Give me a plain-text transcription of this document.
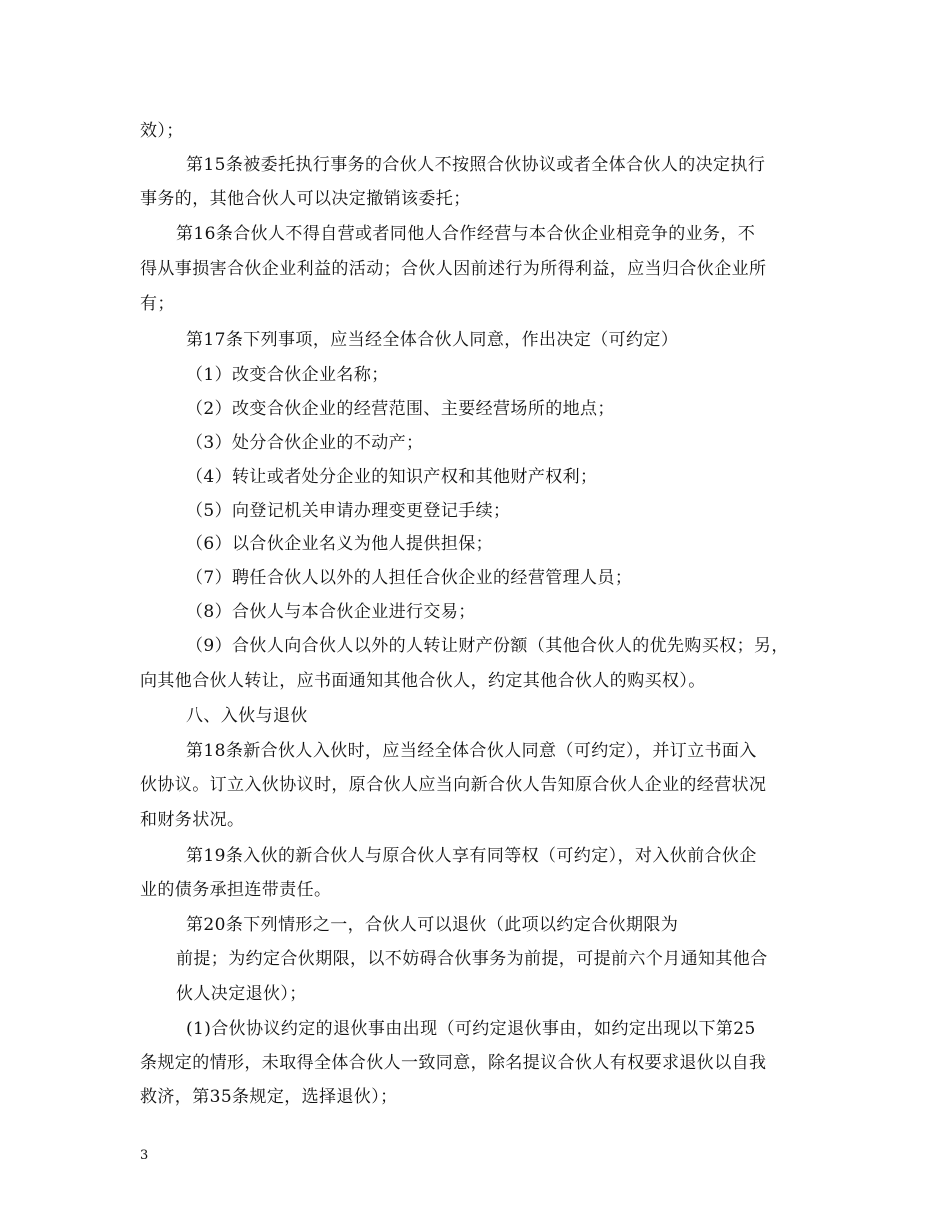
效）；
第15条被委托执行事务的合伙人不按照合伙协议或者全体合伙人的决定执行
事务的，其他合伙人可以决定撤销该委托；
第16条合伙人不得自营或者同他人合作经营与本合伙企业相竞争的业务，不
得从事损害合伙企业利益的活动；合伙人因前述行为所得利益，应当归合伙企业所
有；
第17条下列事项，应当经全体合伙人同意，作出决定（可约定）
（1）改变合伙企业名称；
（2）改变合伙企业的经营范围、主要经营场所的地点；
（3）处分合伙企业的不动产；
（4）转让或者处分企业的知识产权和其他财产权利；
（5）向登记机关申请办理变更登记手续；
（6）以合伙企业名义为他人提供担保；
（7）聘任合伙人以外的人担任合伙企业的经营管理人员；
（8）合伙人与本合伙企业进行交易；
（9）合伙人向合伙人以外的人转让财产份额（其他合伙人的优先购买权；另，
向其他合伙人转让，应书面通知其他合伙人，约定其他合伙人的购买权）。
八、入伙与退伙
第18条新合伙人入伙时，应当经全体合伙人同意（可约定），并订立书面入
伙协议。订立入伙协议时，原合伙人应当向新合伙人告知原合伙人企业的经营状况
和财务状况。
第19条入伙的新合伙人与原合伙人享有同等权（可约定），对入伙前合伙企
业的债务承担连带责任。
第20条下列情形之一，合伙人可以退伙（此项以约定合伙期限为
前提；为约定合伙期限，以不妨碍合伙事务为前提，可提前六个月通知其他合
伙人决定退伙）；
(1)合伙协议约定的退伙事由出现（可约定退伙事由，如约定出现以下第25
条规定的情形，未取得全体合伙人一致同意，除名提议合伙人有权要求退伙以自我
救济，第35条规定，选择退伙）；
3
